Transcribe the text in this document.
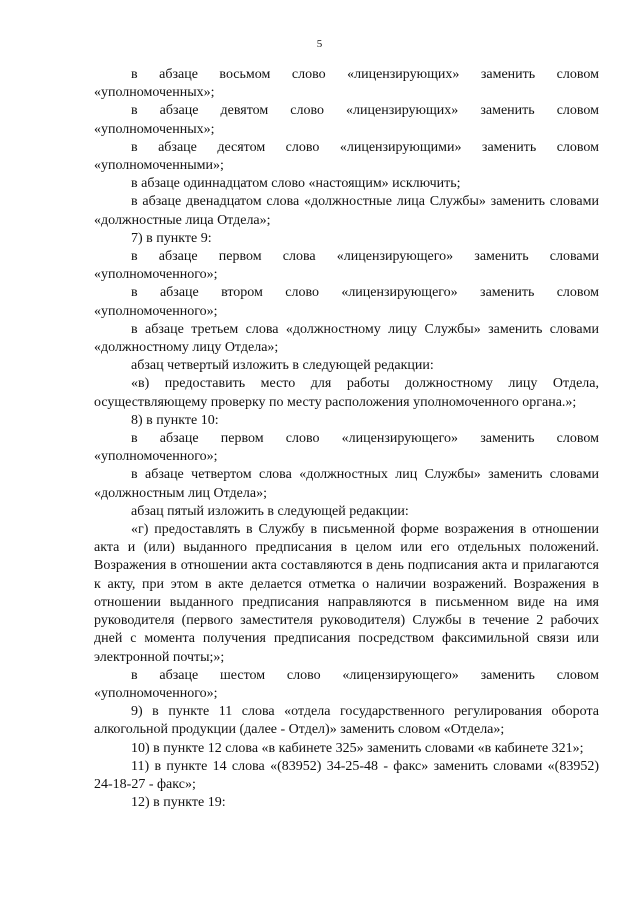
5

в абзаце восьмом слово «лицензирующих» заменить словом «уполномоченных»;

в абзаце девятом слово «лицензирующих» заменить словом «уполномоченных»;

в абзаце десятом слово «лицензирующими» заменить словом «уполномоченными»;

в абзаце одиннадцатом слово «настоящим» исключить;

в абзаце двенадцатом слова «должностные лица Службы» заменить словами «должностные лица Отдела»;

7) в пункте 9:

в абзаце первом слова «лицензирующего» заменить словами «уполномоченного»;

в абзаце втором слово «лицензирующего» заменить словом «уполномоченного»;

в абзаце третьем слова «должностному лицу Службы» заменить словами «должностному лицу Отдела»;

абзац четвертый изложить в следующей редакции:

«в) предоставить место для работы должностному лицу Отдела, осуществляющему проверку по месту расположения уполномоченного органа.»;

8) в пункте 10:

в абзаце первом слово «лицензирующего» заменить словом «уполномоченного»;

в абзаце четвертом слова «должностных лиц Службы» заменить словами «должностным лиц Отдела»;

абзац пятый изложить в следующей редакции:

«г) предоставлять в Службу в письменной форме возражения в отношении акта и (или) выданного предписания в целом или его отдельных положений. Возражения в отношении акта составляются в день подписания акта и прилагаются к акту, при этом в акте делается отметка о наличии возражений. Возражения в отношении выданного предписания направляются в письменном виде на имя руководителя (первого заместителя руководителя) Службы в течение 2 рабочих дней с момента получения предписания посредством факсимильной связи или электронной почты;»;

в абзаце шестом слово «лицензирующего» заменить словом «уполномоченного»;

9) в пункте 11 слова «отдела государственного регулирования оборота алкогольной продукции (далее - Отдел)» заменить словом «Отдела»;

10) в пункте 12 слова «в кабинете 325» заменить словами «в кабинете 321»;

11) в пункте 14 слова «(83952) 34-25-48 - факс» заменить словами «(83952) 24-18-27 - факс»;

12) в пункте 19:
